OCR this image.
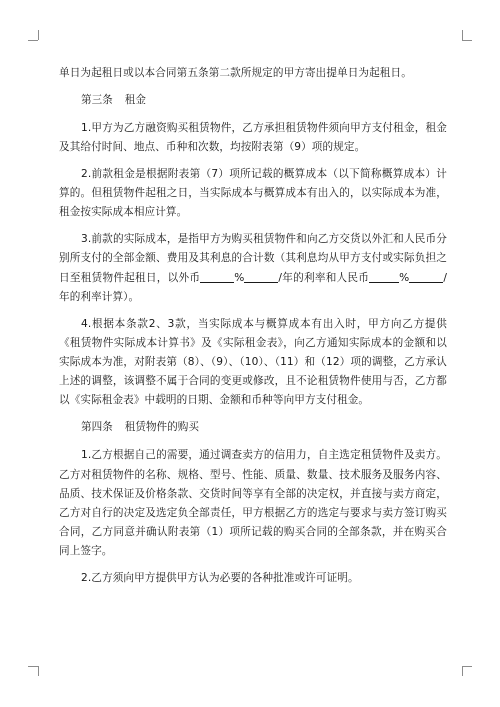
单日为起租日或以本合同第五条第二款所规定的甲方寄出提单日为起租日。

第三条 租金

1.甲方为乙方融资购买租赁物件，乙方承担租赁物件须向甲方支付租金，租金及其给付时间、地点、币种和次数，均按附表第（9）项的规定。

2.前款租金是根据附表第（7）项所记载的概算成本（以下简称概算成本）计算的。但租赁物件起租之日，当实际成本与概算成本有出入的，以实际成本为准，租金按实际成本相应计算。

3.前款的实际成本，是指甲方为购买租赁物件和向乙方交货以外汇和人民币分别所支付的全部金额、费用及其利息的合计数（其利息均从甲方支付或实际负担之日至租赁物件起租日，以外币	%	/年的利率和人民币	%	/年的利率计算）。

4.根据本条款2、3款，当实际成本与概算成本有出入时，甲方向乙方提供《租赁物件实际成本计算书》及《实际租金表》，向乙方通知实际成本的金额和以实际成本为准，对附表第（8）、（9）、（10）、（11）和（12）项的调整，乙方承认上述的调整，该调整不属于合同的变更或修改，且不论租赁物件使用与否，乙方都以《实际租金表》中载明的日期、金额和币种等向甲方支付租金。

第四条 租赁物件的购买

1.乙方根据自己的需要，通过调查卖方的信用力，自主选定租赁物件及卖方。乙方对租赁物件的名称、规格、型号、性能、质量、数量、技术服务及服务内容、品质、技术保证及价格条款、交货时间等享有全部的决定权，并直接与卖方商定，乙方对自行的决定及选定负全部责任，甲方根据乙方的选定与要求与卖方签订购买合同，乙方同意并确认附表第（1）项所记载的购买合同的全部条款，并在购买合同上签字。

2.乙方须向甲方提供甲方认为必要的各种批准或许可证明。
